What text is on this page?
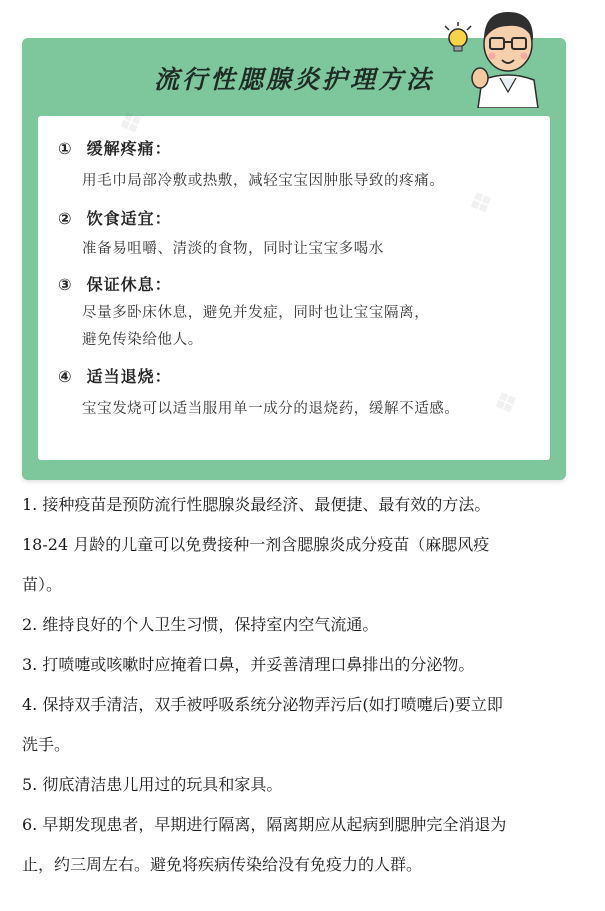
流行性腮腺炎护理方法
① 缓解疼痛：
用毛巾局部冷敷或热敷，减轻宝宝因肿胀导致的疼痛。
② 饮食适宜：
准备易咀嚼、清淡的食物，同时让宝宝多喝水
③ 保证休息：
尽量多卧床休息，避免并发症，同时也让宝宝隔离，
避免传染给他人。
④ 适当退烧：
宝宝发烧可以适当服用单一成分的退烧药，缓解不适感。
❖
❖
❖
1. 接种疫苗是预防流行性腮腺炎最经济、最便捷、最有效的方法。
18-24 月龄的儿童可以免费接种一剂含腮腺炎成分疫苗（麻腮风疫
苗）。
2. 维持良好的个人卫生习惯，保持室内空气流通。
3. 打喷嚏或咳嗽时应掩着口鼻，并妥善清理口鼻排出的分泌物。
4. 保持双手清洁，双手被呼吸系统分泌物弄污后(如打喷嚏后)要立即
洗手。
5. 彻底清洁患儿用过的玩具和家具。
6. 早期发现患者，早期进行隔离，隔离期应从起病到腮肿完全消退为
止，约三周左右。避免将疾病传染给没有免疫力的人群。
